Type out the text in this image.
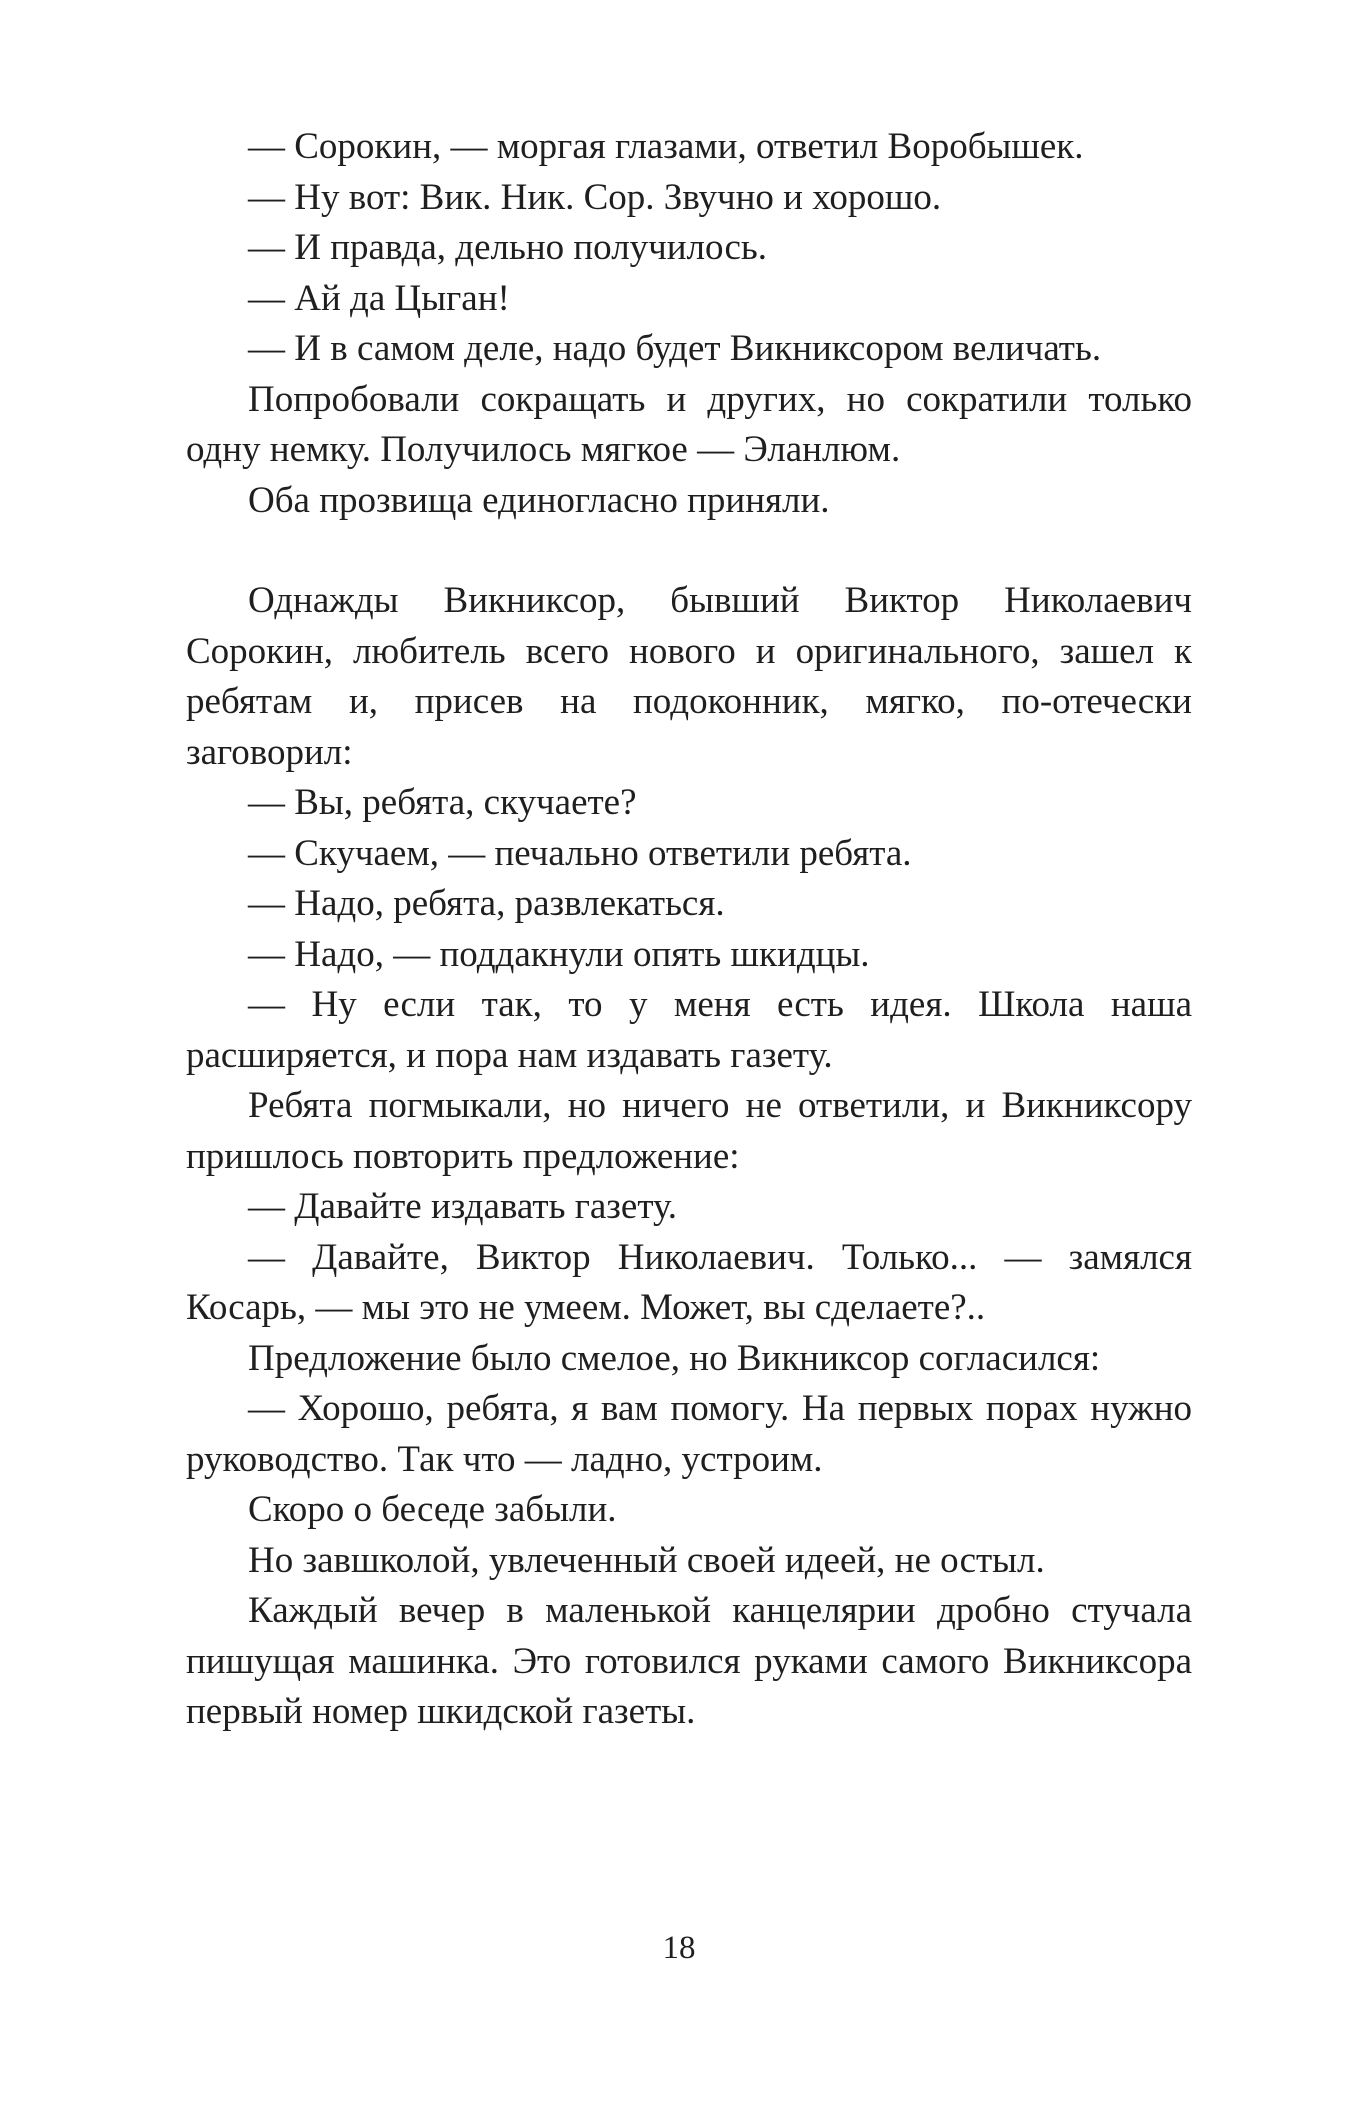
— Сорокин, — моргая глазами, ответил Воробышек.

— Ну вот: Вик. Ник. Сор. Звучно и хорошо.

— И правда, дельно получилось.

— Ай да Цыган!

— И в самом деле, надо будет Викниксором величать.

Попробовали сокращать и других, но сократили только одну немку. Получилось мягкое — Эланлюм.

Оба прозвища единогласно приняли.

Однажды Викниксор, бывший Виктор Николаевич Сорокин, любитель всего нового и оригинального, зашел к ребятам и, присев на подоконник, мягко, по-отечески заговорил:

— Вы, ребята, скучаете?

— Скучаем, — печально ответили ребята.

— Надо, ребята, развлекаться.

— Надо, — поддакнули опять шкидцы.

— Ну если так, то у меня есть идея. Школа наша расширяется, и пора нам издавать газету.

Ребята погмыкали, но ничего не ответили, и Викниксору пришлось повторить предложение:

— Давайте издавать газету.

— Давайте, Виктор Николаевич. Только... — замялся Косарь, — мы это не умеем. Может, вы сделаете?..

Предложение было смелое, но Викниксор согласился:

— Хорошо, ребята, я вам помогу. На первых порах нужно руководство. Так что — ладно, устроим.

Скоро о беседе забыли.

Но завшколой, увлеченный своей идеей, не остыл.

Каждый вечер в маленькой канцелярии дробно стучала пишущая машинка. Это готовился руками самого Викниксора первый номер шкидской газеты.

18
